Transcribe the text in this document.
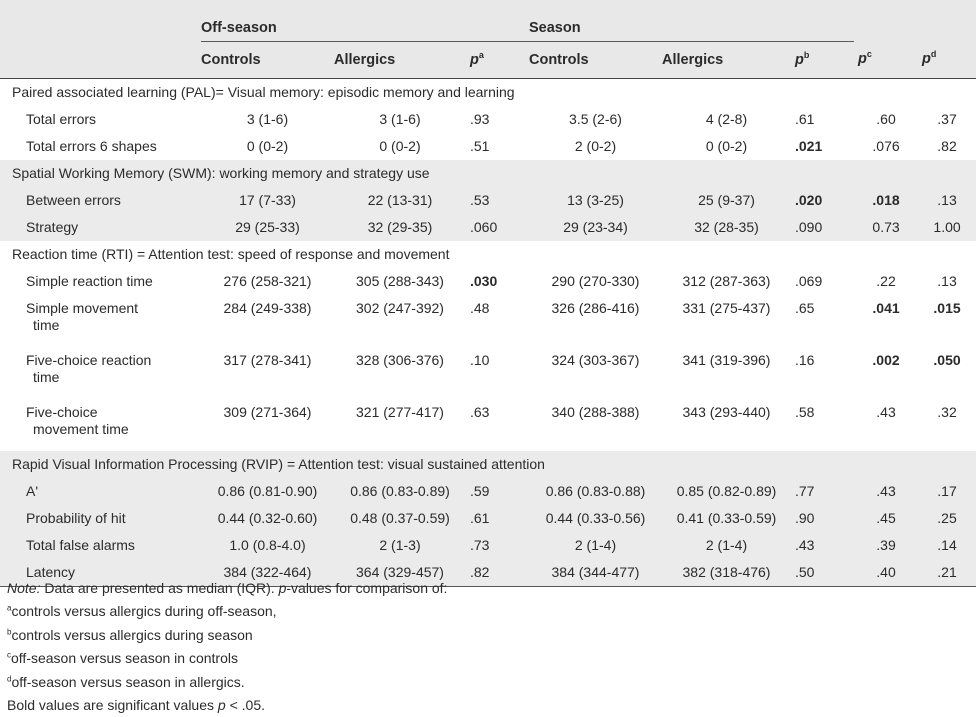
	Off-season			Season				
	Controls	Allergics	$p^a$	Controls	Allergics	$p^b$	$p^c$	$p^d$
Paired associated learning (PAL)= Visual memory: episodic memory and learning								
Total errors	3 (1-6)	3 (1-6)	.93	3.5 (2-6)	4 (2-8)	.61	.60	.37
Total errors 6 shapes	0 (0-2)	0 (0-2)	.51	2 (0-2)	0 (0-2)	.021	.076	.82
Spatial Working Memory (SWM): working memory and strategy use								
Between errors	17 (7-33)	22 (13-31)	.53	13 (3-25)	25 (9-37)	.020	.018	.13
Strategy	29 (25-33)	32 (29-35)	.060	29 (23-34)	32 (28-35)	.090	0.73	1.00
Reaction time (RTI) = Attention test: speed of response and movement								
Simple reaction time	276 (258-321)	305 (288-343)	.030	290 (270-330)	312 (287-363)	.069	.22	.13
Simple movement
time	284 (249-338)	302 (247-392)	.48	326 (286-416)	331 (275-437)	.65	.041	.015
Five-choice reaction
time	317 (278-341)	328 (306-376)	.10	324 (303-367)	341 (319-396)	.16	.002	.050
Five-choice
movement time	309 (271-364)	321 (277-417)	.63	340 (288-388)	343 (293-440)	.58	.43	.32
Rapid Visual Information Processing (RVIP) = Attention test: visual sustained attention								
A'	0.86 (0.81-0.90)	0.86 (0.83-0.89)	.59	0.86 (0.83-0.88)	0.85 (0.82-0.89)	.77	.43	.17
Probability of hit	0.44 (0.32-0.60)	0.48 (0.37-0.59)	.61	0.44 (0.33-0.56)	0.41 (0.33-0.59)	.90	.45	.25
Total false alarms	1.0 (0.8-4.0)	2 (1-3)	.73	2 (1-4)	2 (1-4)	.43	.39	.14
Latency	384 (322-464)	364 (329-457)	.82	384 (344-477)	382 (318-476)	.50	.40	.21
Note: Data are presented as median (IQR). p-values for comparison of:
$^a$controls versus allergics during off-season,
$^b$controls versus allergics during season
$^c$off-season versus season in controls
$^d$off-season versus season in allergics.
Bold values are significant values p < .05.
